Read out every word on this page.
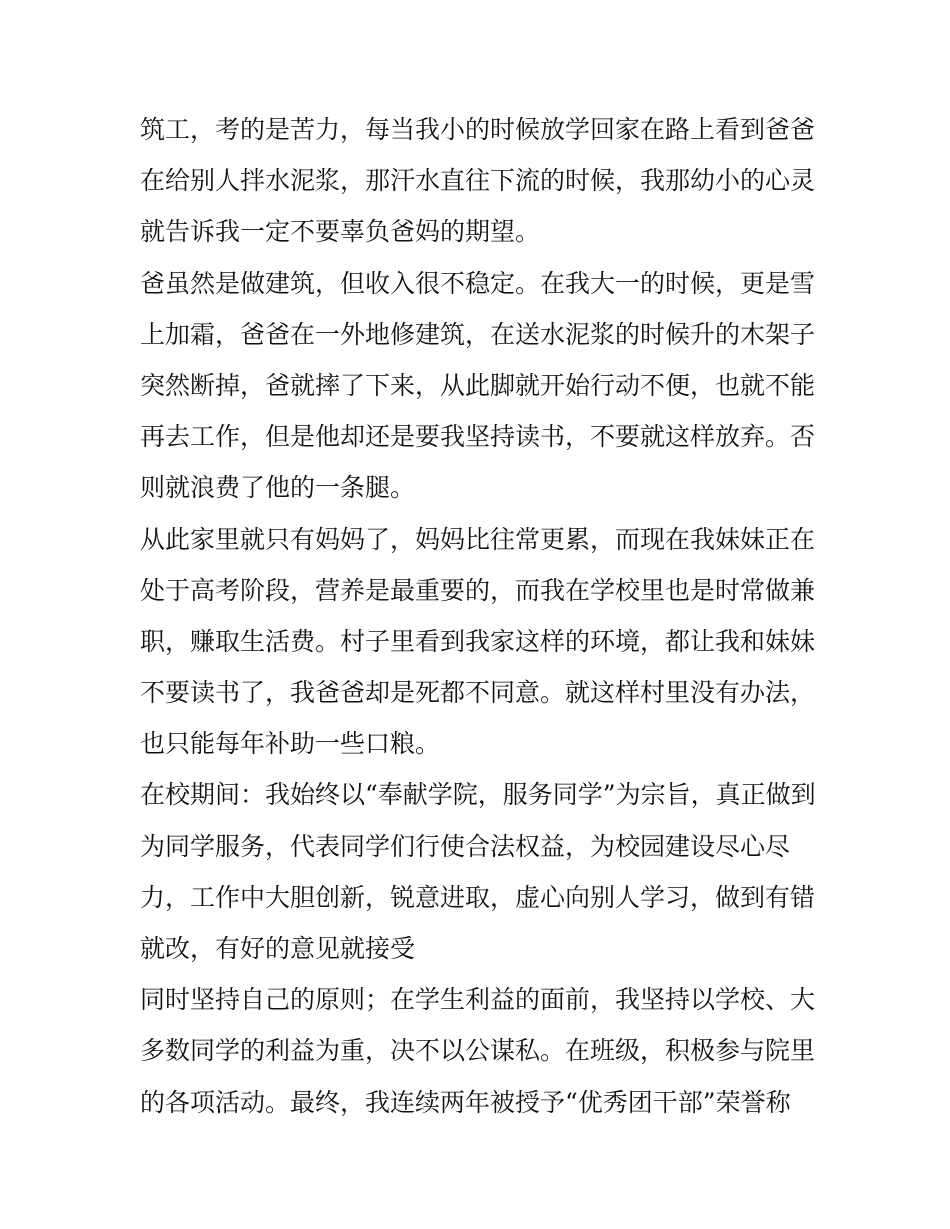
筑工，考的是苦力，每当我小的时候放学回家在路上看到爸爸
在给别人拌水泥浆，那汗水直往下流的时候，我那幼小的心灵
就告诉我一定不要辜负爸妈的期望。
爸虽然是做建筑，但收入很不稳定。在我大一的时候，更是雪
上加霜，爸爸在一外地修建筑，在送水泥浆的时候升的木架子
突然断掉，爸就摔了下来，从此脚就开始行动不便，也就不能
再去工作，但是他却还是要我坚持读书，不要就这样放弃。否
则就浪费了他的一条腿。
从此家里就只有妈妈了，妈妈比往常更累，而现在我妹妹正在
处于高考阶段，营养是最重要的，而我在学校里也是时常做兼
职，赚取生活费。村子里看到我家这样的环境，都让我和妹妹
不要读书了，我爸爸却是死都不同意。就这样村里没有办法，
也只能每年补助一些口粮。
在校期间：我始终以“奉献学院，服务同学”为宗旨，真正做到
为同学服务，代表同学们行使合法权益，为校园建设尽心尽
力，工作中大胆创新，锐意进取，虚心向别人学习，做到有错
就改，有好的意见就接受
同时坚持自己的原则；在学生利益的面前，我坚持以学校、大
多数同学的利益为重，决不以公谋私。在班级，积极参与院里
的各项活动。最终，我连续两年被授予“优秀团干部”荣誉称
